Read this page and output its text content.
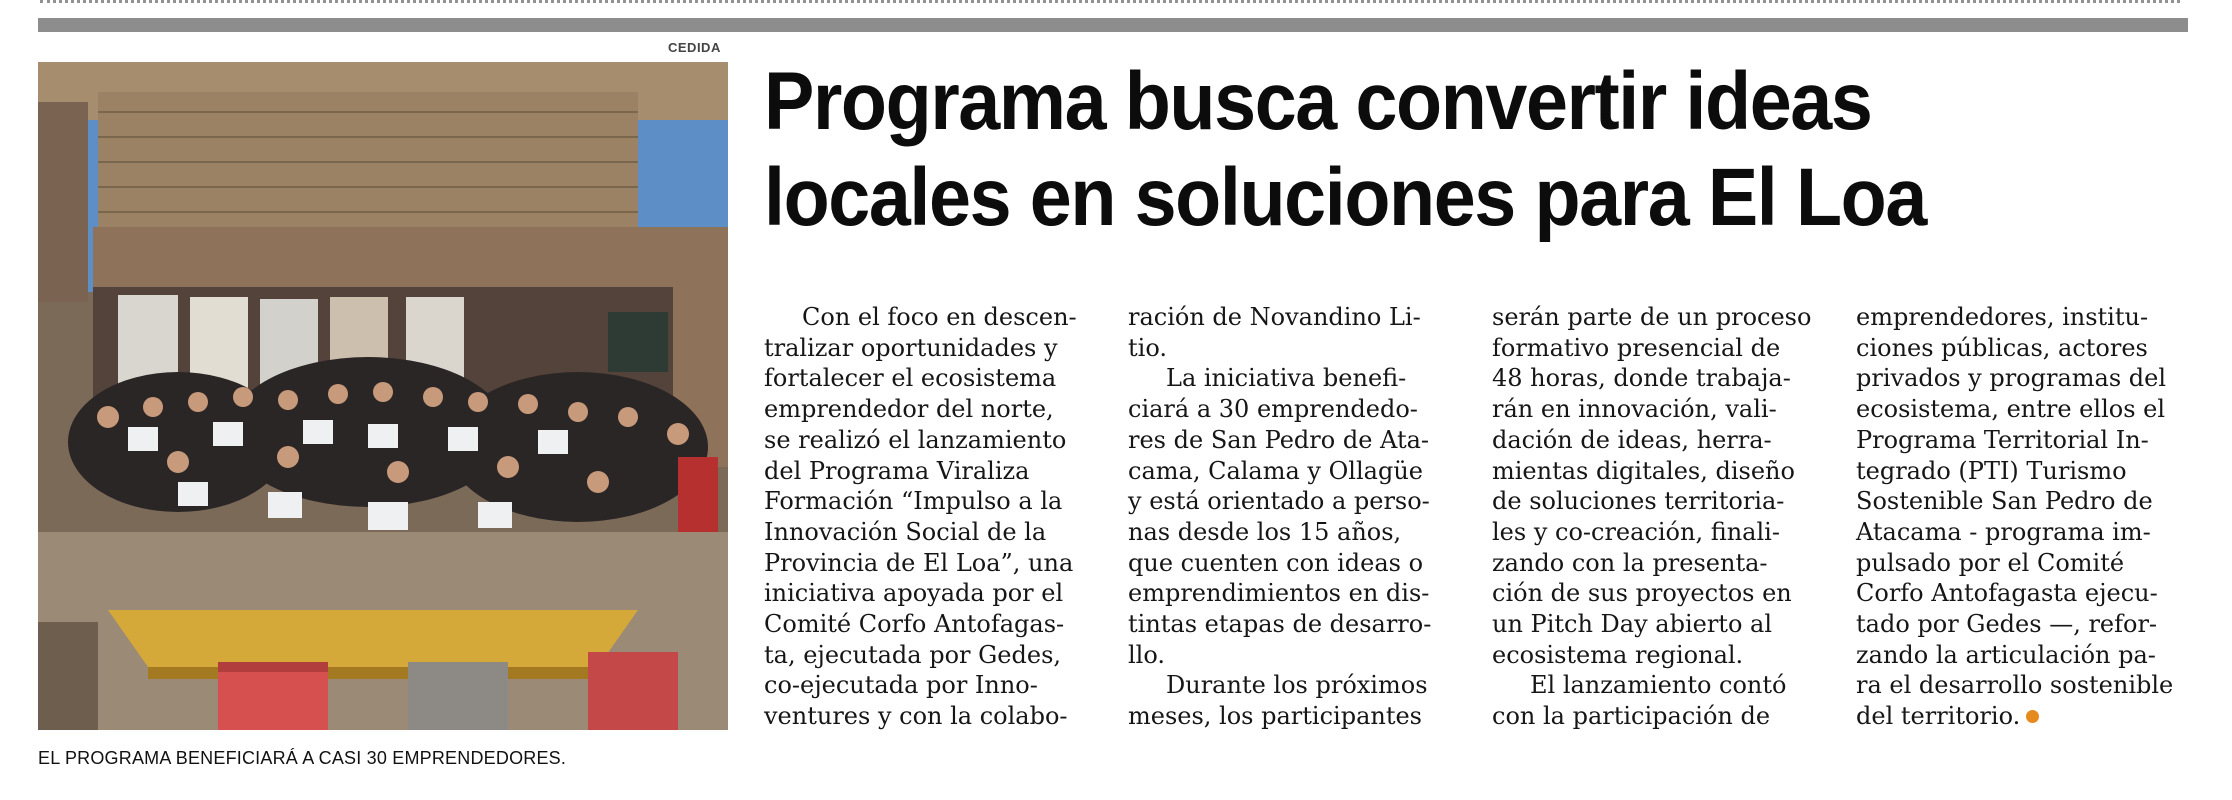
CEDIDA
EL PROGRAMA BENEFICIARÁ A CASI 30 EMPRENDEDORES.
Programa busca convertir ideas
locales en soluciones para El Loa

Con el foco en descen-

tralizar oportunidades y

fortalecer el ecosistema

emprendedor del norte,

se realizó el lanzamiento

del Programa Viraliza

Formación “Impulso a la

Innovación Social de la

Provincia de El Loa”, una

iniciativa apoyada por el

Comité Corfo Antofagas-

ta, ejecutada por Gedes,

co-ejecutada por Inno-

ventures y con la colabo-

ración de Novandino Li-

tio.

La iniciativa benefi-

ciará a 30 emprendedo-

res de San Pedro de Ata-

cama, Calama y Ollagüe

y está orientado a perso-

nas desde los 15 años,

que cuenten con ideas o

emprendimientos en dis-

tintas etapas de desarro-

llo.

Durante los próximos

meses, los participantes

serán parte de un proceso

formativo presencial de

48 horas, donde trabaja-

rán en innovación, vali-

dación de ideas, herra-

mientas digitales, diseño

de soluciones territoria-

les y co-creación, finali-

zando con la presenta-

ción de sus proyectos en

un Pitch Day abierto al

ecosistema regional.

El lanzamiento contó

con la participación de

emprendedores, institu-

ciones públicas, actores

privados y programas del

ecosistema, entre ellos el

Programa Territorial In-

tegrado (PTI) Turismo

Sostenible San Pedro de

Atacama - programa im-

pulsado por el Comité

Corfo Antofagasta ejecu-

tado por Gedes —, refor-

zando la articulación pa-

ra el desarrollo sostenible

del territorio.
